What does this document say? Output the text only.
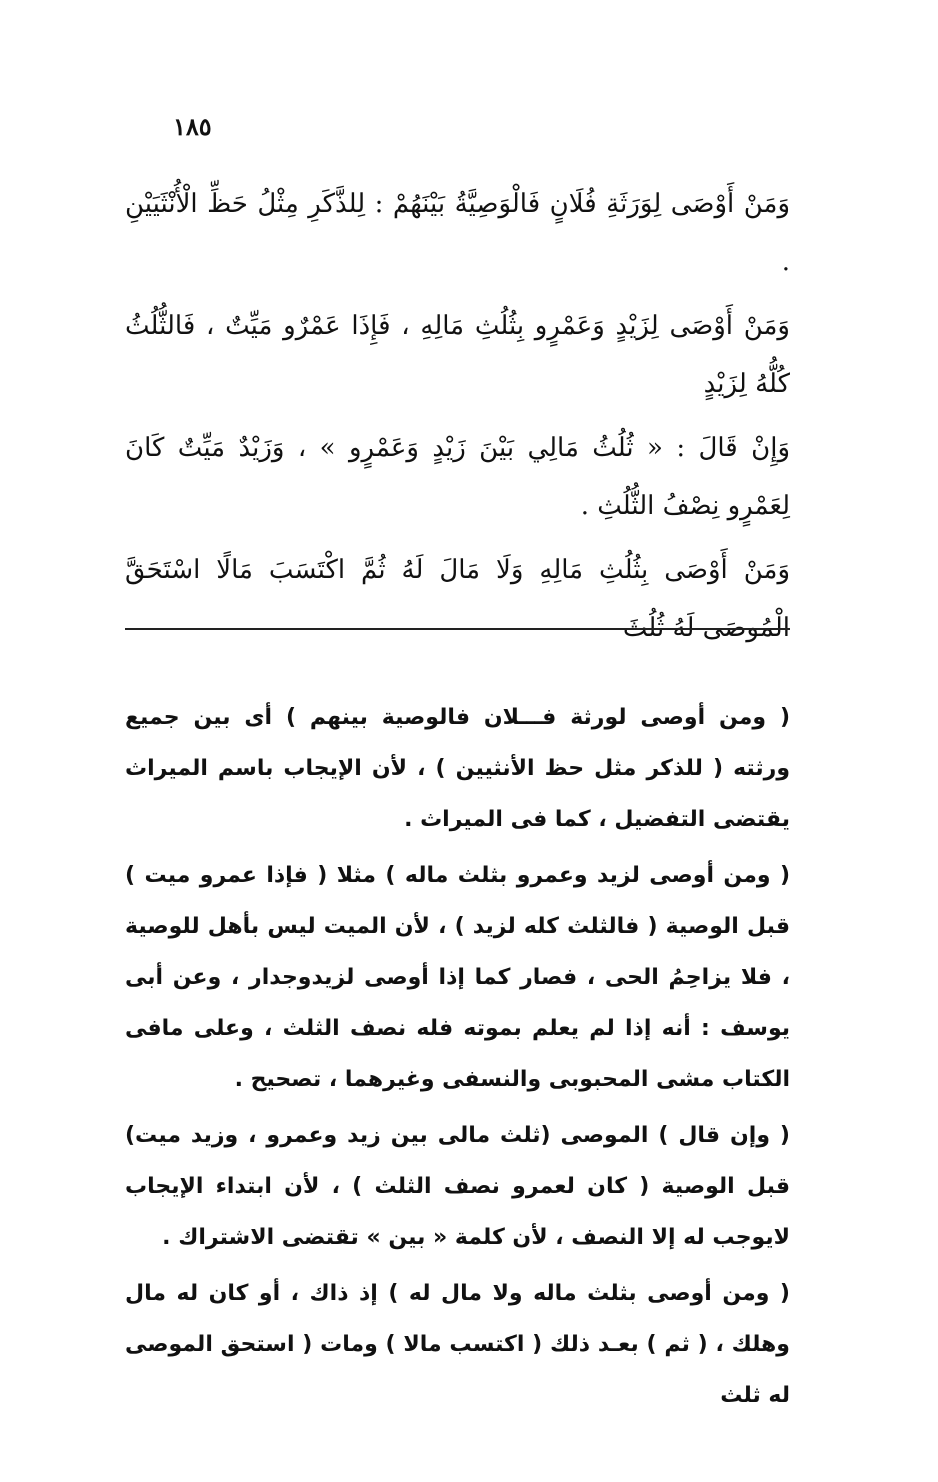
١٨٥

وَمَنْ أَوْصَى لِوَرَثَةِ فُلَانٍ فَالْوَصِيَّةُ بَيْنَهُمْ : لِلذَّكَرِ مِثْلُ حَظِّ الْأُنْثَيَيْنِ .

وَمَنْ أَوْصَى لِزَيْدٍ وَعَمْرٍو بِثُلُثِ مَالِهِ ، فَإِذَا عَمْرٌو مَيِّتٌ ، فَالثُّلُثُ كُلُّهُ لِزَيْدٍ

وَإِنْ قَالَ : « ثُلُثُ مَالِي بَيْنَ زَيْدٍ وَعَمْرٍو » ، وَزَيْدٌ مَيِّتٌ كَانَ لِعَمْرٍو نِصْفُ الثُّلُثِ .

وَمَنْ أَوْصَى بِثُلُثِ مَالِهِ وَلَا مَالَ لَهُ ثُمَّ اكْتَسَبَ مَالًا اسْتَحَقَّ الْمُوصَى لَهُ ثُلُثَ

( ومن أوصى لورثة فـــلان فالوصية بينهم ) أى بين جميع ورثته ( للذكر مثل حظ الأنثيين ) ، لأن الإيجاب باسم الميراث يقتضى التفضيل ، كما فى الميراث .

( ومن أوصى لزيد وعمرو بثلث ماله ) مثلا ( فإذا عمرو ميت ) قبل الوصية ( فالثلث كله لزيد ) ، لأن الميت ليس بأهل للوصية ، فلا يزاحِمُ الحى ، فصار كما إذا أوصى لزيدوجدار ، وعن أبى يوسف : أنه إذا لم يعلم بموته فله نصف الثلث ، وعلى مافى الكتاب مشى المحبوبى والنسفى وغيرهما ، تصحيح .

( وإن قال ) الموصى (ثلث مالى بين زيد وعمرو ، وزيد ميت) قبل الوصية ( كان لعمرو نصف الثلث ) ، لأن ابتداء الإيجاب لايوجب له إلا النصف ، لأن كلمة « بين » تقتضى الاشتراك .

( ومن أوصى بثلث ماله ولا مال له ) إذ ذاك ، أو كان له مال وهلك ، ( ثم ) بعـد ذلك ( اكتسب مالا ) ومات ( استحق الموصى له ثلث
